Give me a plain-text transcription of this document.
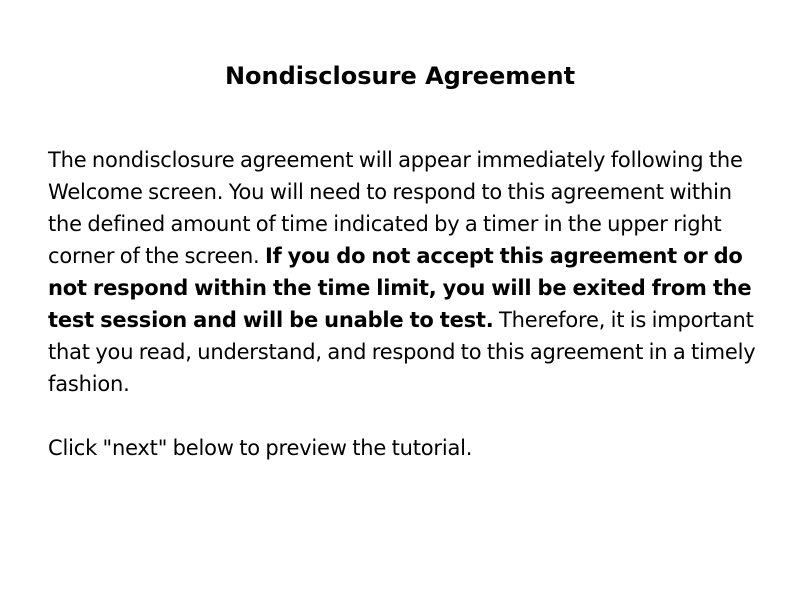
Nondisclosure Agreement

The nondisclosure agreement will appear immediately following the Welcome screen. You will need to respond to this agreement within the defined amount of time indicated by a timer in the upper right corner of the screen. If you do not accept this agreement or do not respond within the time limit, you will be exited from the test session and will be unable to test. Therefore, it is important that you read, understand, and respond to this agreement in a timely fashion.

Click "next" below to preview the tutorial.
